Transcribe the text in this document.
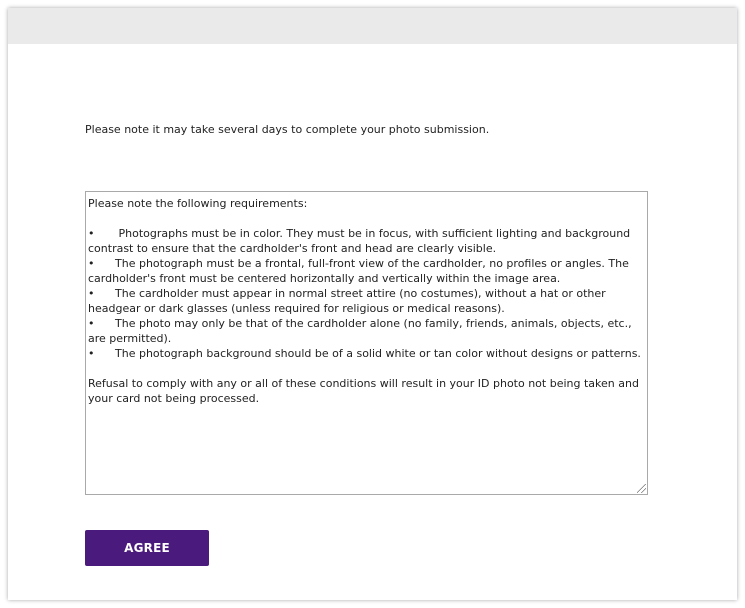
Please note it may take several days to complete your photo submission.

Please note the following requirements:

• Photographs must be in color. They must be in focus, with sufficient lighting and background contrast to ensure that the cardholder's front and head are clearly visible.
• The photograph must be a frontal, full-front view of the cardholder, no profiles or angles. The cardholder's front must be centered horizontally and vertically within the image area.
• The cardholder must appear in normal street attire (no costumes), without a hat or other headgear or dark glasses (unless required for religious or medical reasons).
• The photo may only be that of the cardholder alone (no family, friends, animals, objects, etc., are permitted).
• The photograph background should be of a solid white or tan color without designs or patterns.

Refusal to comply with any or all of these conditions will result in your ID photo not being taken and your card not being processed.

AGREE
